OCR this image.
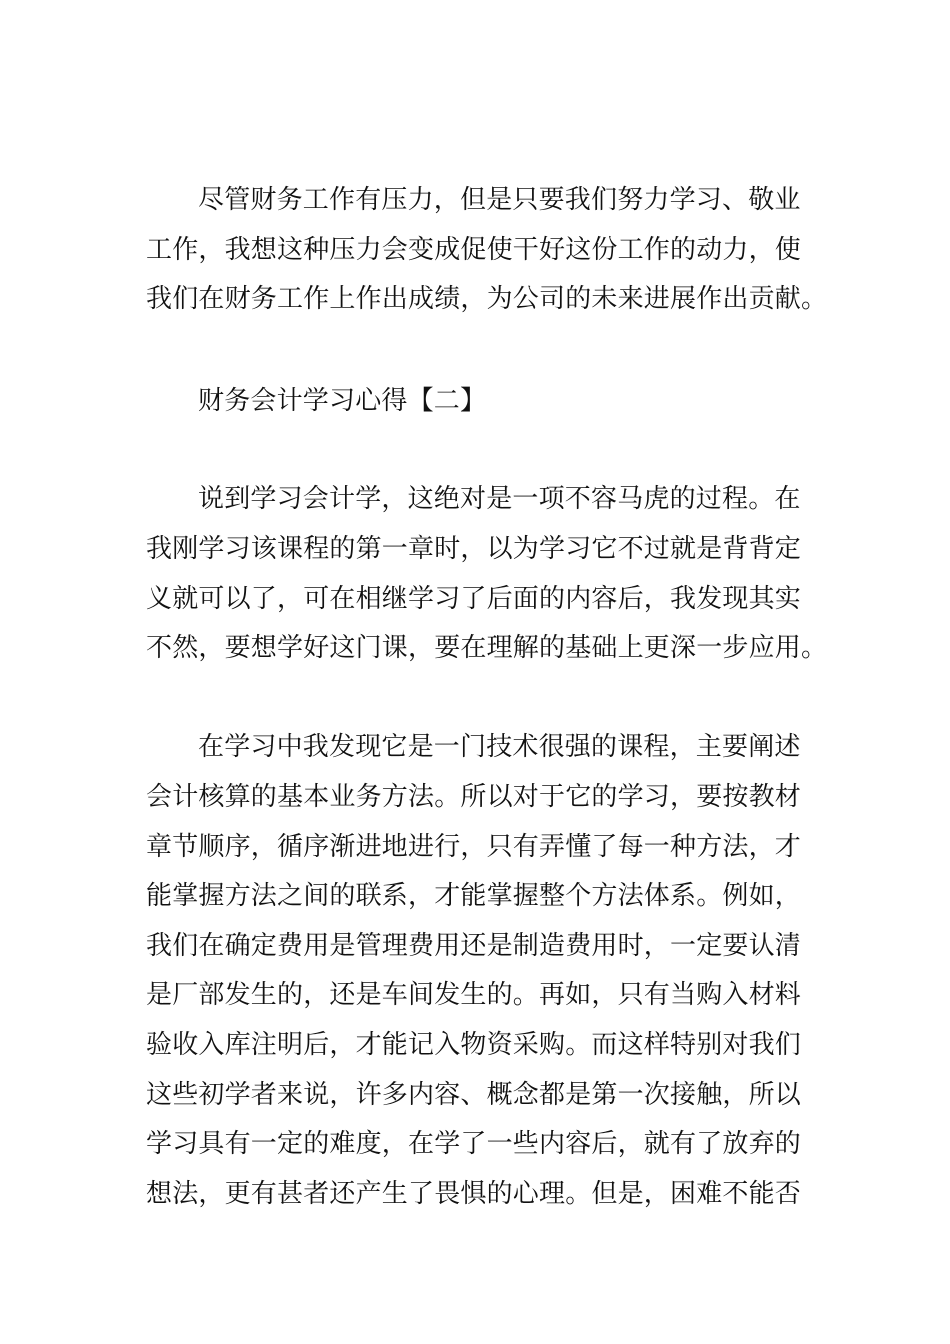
尽管财务工作有压力，但是只要我们努力学习、敬业
工作，我想这种压力会变成促使干好这份工作的动力，使
我们在财务工作上作出成绩，为公司的未来进展作出贡献。
财务会计学习心得【二】
说到学习会计学，这绝对是一项不容马虎的过程。在
我刚学习该课程的第一章时，以为学习它不过就是背背定
义就可以了，可在相继学习了后面的内容后，我发现其实
不然，要想学好这门课，要在理解的基础上更深一步应用。
在学习中我发现它是一门技术很强的课程，主要阐述
会计核算的基本业务方法。所以对于它的学习，要按教材
章节顺序，循序渐进地进行，只有弄懂了每一种方法，才
能掌握方法之间的联系，才能掌握整个方法体系。例如，
我们在确定费用是管理费用还是制造费用时，一定要认清
是厂部发生的，还是车间发生的。再如，只有当购入材料
验收入库注明后，才能记入物资采购。而这样特别对我们
这些初学者来说，许多内容、概念都是第一次接触，所以
学习具有一定的难度，在学了一些内容后，就有了放弃的
想法，更有甚者还产生了畏惧的心理。但是，困难不能否
